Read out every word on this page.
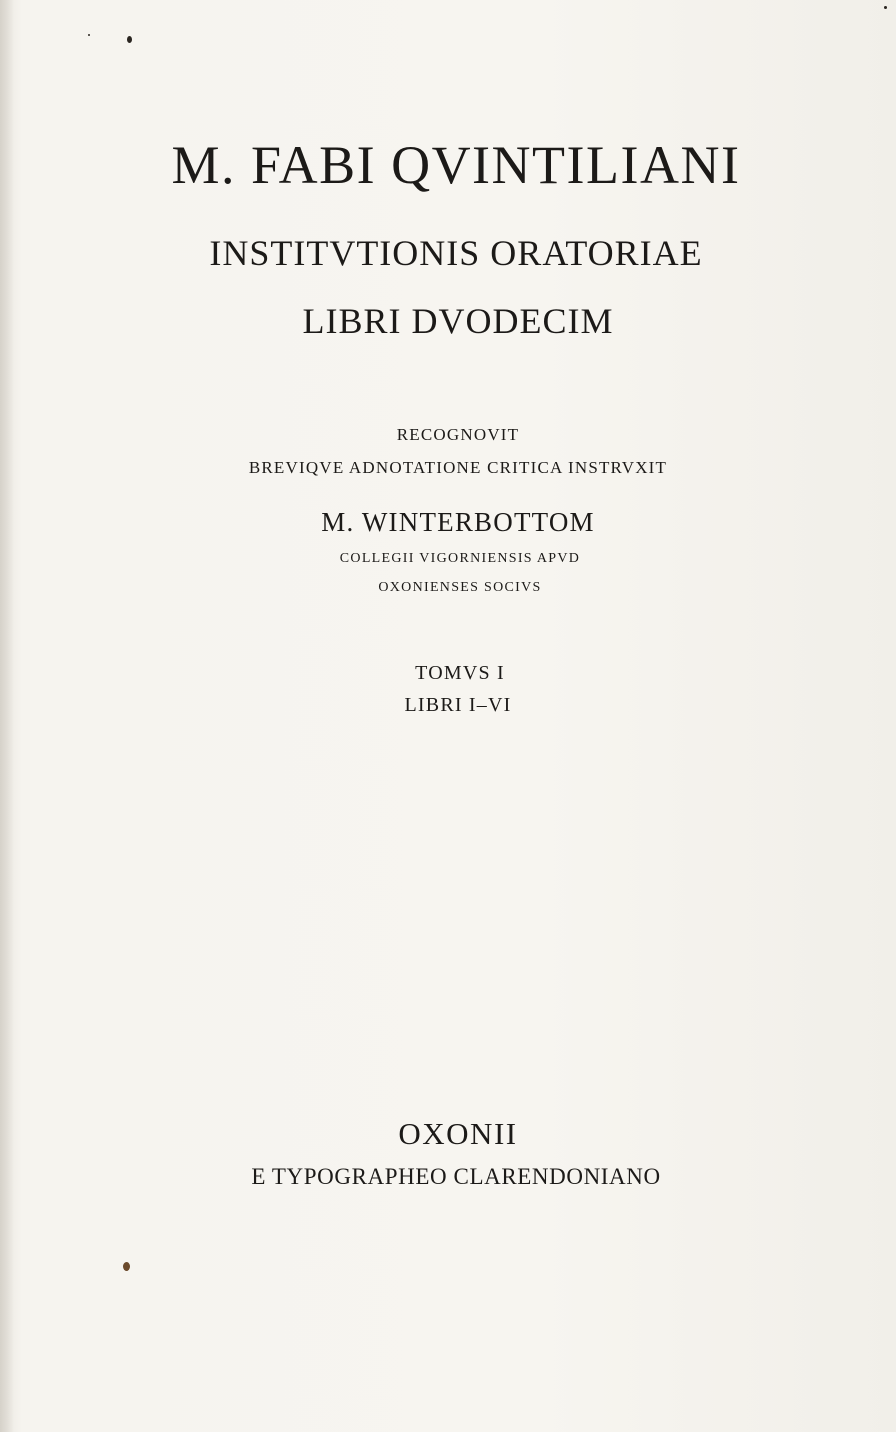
M. FABI QVINTILIANI
INSTITVTIONIS ORATORIAE
LIBRI DVODECIM
RECOGNOVIT
BREVIQVE ADNOTATIONE CRITICA INSTRVXIT
M. WINTERBOTTOM
COLLEGII VIGORNIENSIS APVD
OXONIENSES SOCIVS
TOMVS I
LIBRI I–VI
OXONII
E TYPOGRAPHEO CLARENDONIANO
